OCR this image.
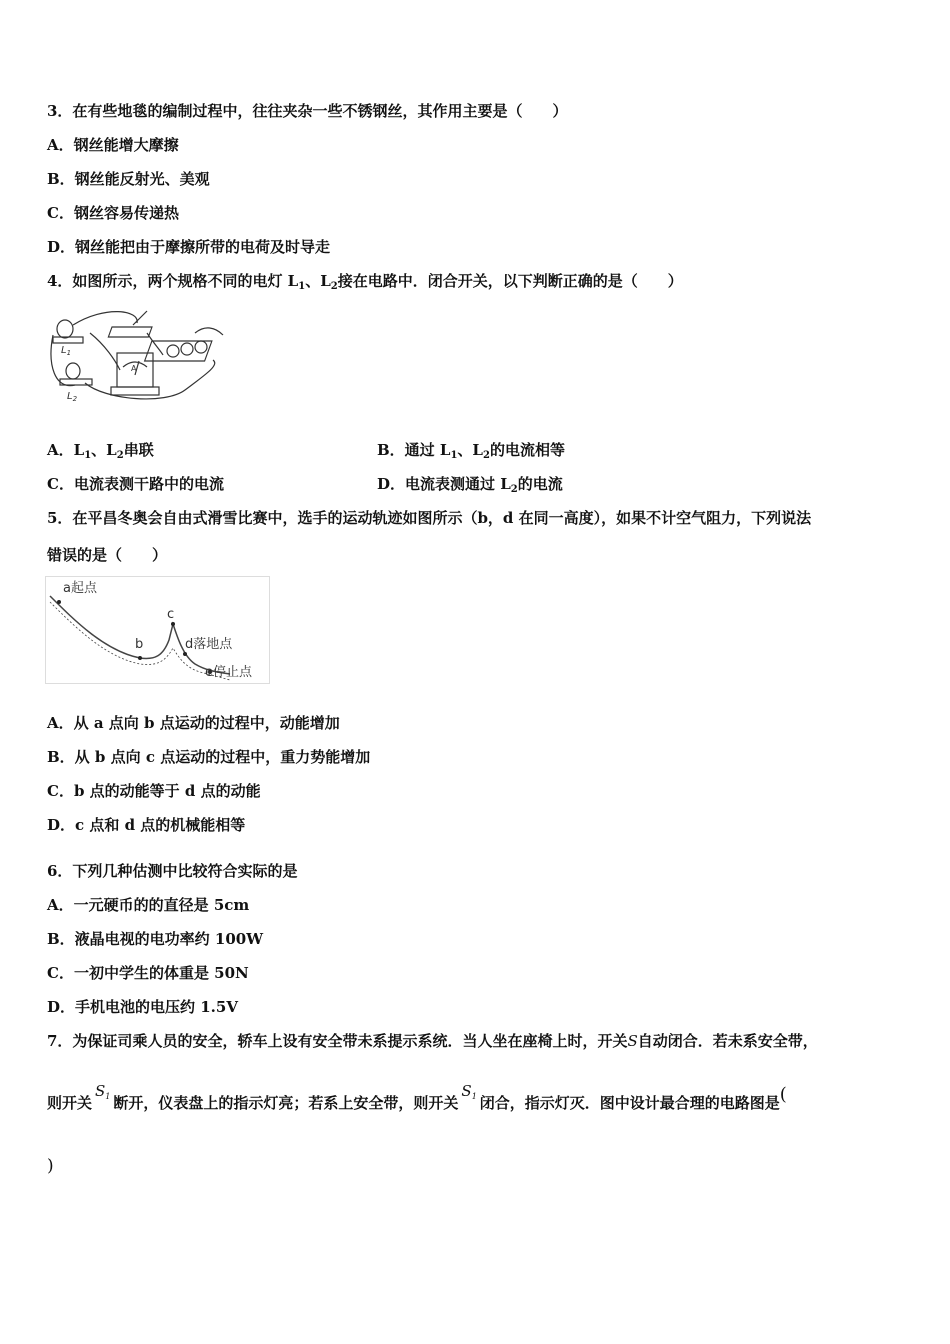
3．在有些地毯的编制过程中，往往夹杂一些不锈钢丝，其作用主要是（　　）
A．钢丝能增大摩擦
B．钢丝能反射光、美观
C．钢丝容易传递热
D．钢丝能把由于摩擦所带的电荷及时导走
4．如图所示，两个规格不同的电灯 $L_1$、$L_2$接在电路中．闭合开关，以下判断正确的是（　　）
$L_1$
$L_2$
A
A．$L_1$、$L_2$串联	B．通过 $L_1$、$L_2$的电流相等
C．电流表测干路中的电流	D．电流表测通过 $L_2$的电流
5．在平昌冬奥会自由式滑雪比赛中，选手的运动轨迹如图所示（b，d 在同一高度），如果不计空气阻力，下列说法
错误的是（　　）
a起点
b
c
d落地点
e停止点
A．从 a 点向 b 点运动的过程中，动能增加
B．从 b 点向 c 点运动的过程中，重力势能增加
C．b 点的动能等于 d 点的动能
D．c 点和 d 点的机械能相等
6．下列几种估测中比较符合实际的是
A．一元硬币的的直径是 5cm
B．液晶电视的电功率约 100W
C．一初中学生的体重是 50N
D．手机电池的电压约 1.5V
7．为保证司乘人员的安全，轿车上设有安全带未系提示系统．当人坐在座椅上时，开关S自动闭合．若未系安全带，
则开关$S_1$ 断开，仪表盘上的指示灯亮；若系上安全带，则开关$S_1$ 闭合，指示灯灭．图中设计最合理的电路图是(
)
